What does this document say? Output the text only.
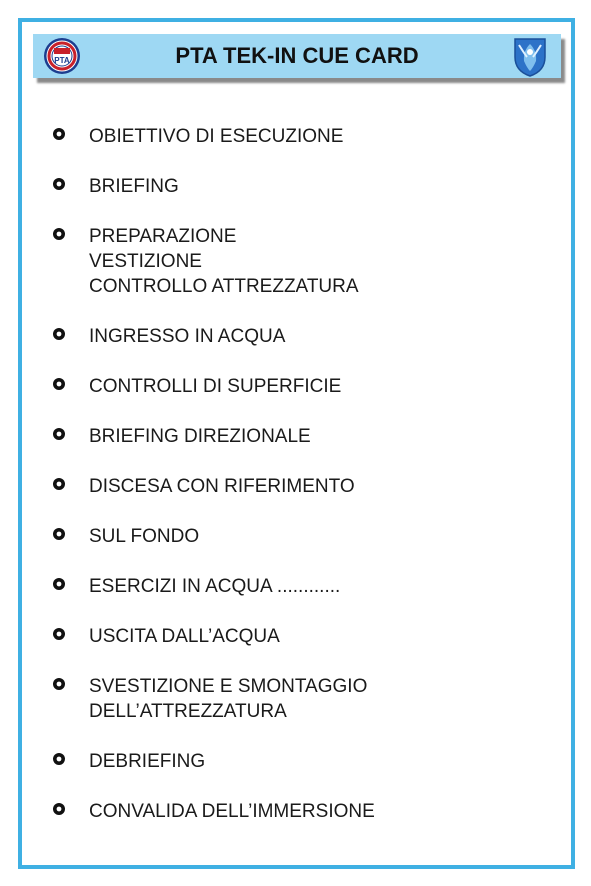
PTA	PTA TEK-IN CUE CARD
OBIETTIVO DI ESECUZIONE
BRIEFING
PREPARAZIONE
VESTIZIONE
CONTROLLO ATTREZZATURA
INGRESSO IN ACQUA
CONTROLLI DI SUPERFICIE
BRIEFING DIREZIONALE
DISCESA CON RIFERIMENTO
SUL FONDO
ESERCIZI IN ACQUA ............
USCITA DALL’ACQUA
SVESTIZIONE E SMONTAGGIO
DELL’ATTREZZATURA
DEBRIEFING
CONVALIDA DELL’IMMERSIONE
